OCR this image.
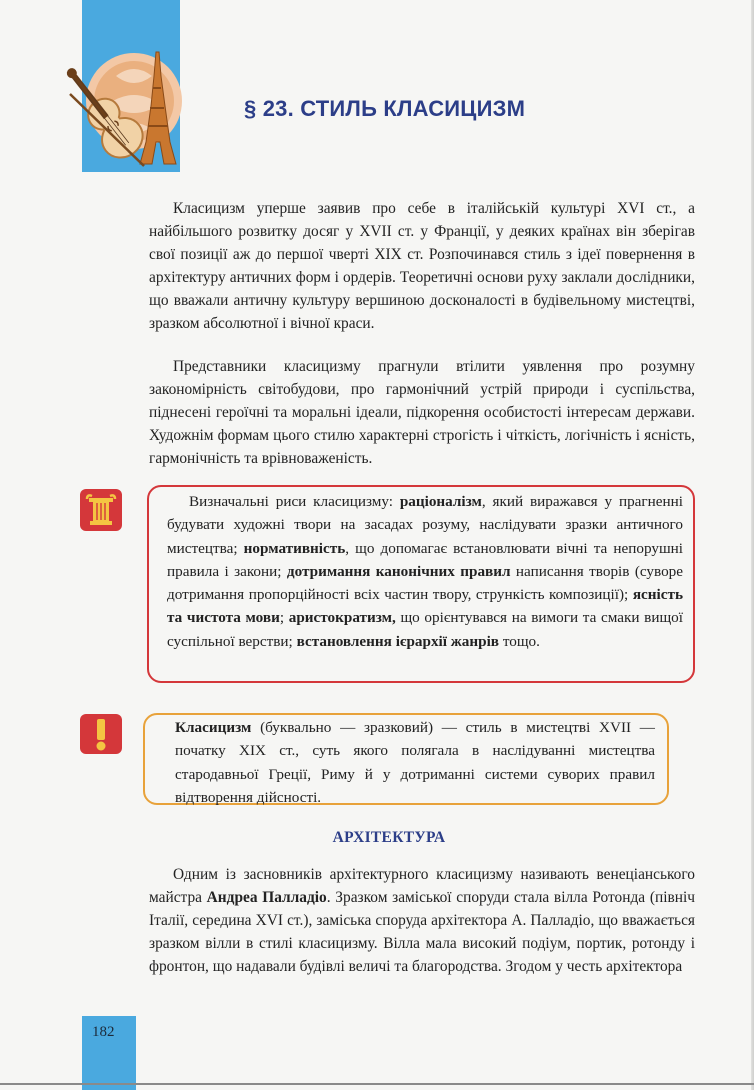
§ 23. СТИЛЬ КЛАСИЦИЗМ

Класицизм уперше заявив про себе в італійській культурі XVI ст., а найбільшого розвитку досяг у XVII ст. у Франції, у деяких країнах він зберігав свої позиції аж до першої чверті XIX ст. Розпочинався стиль з ідеї повернення в архітектуру античних форм і ордерів. Теоретичні основи руху заклали дослідники, що вважали античну культуру вершиною досконалості в будівельному мистецтві, зразком абсолютної і вічної краси.

Представники класицизму прагнули втілити уявлення про розумну закономірність світобудови, про гармонічний устрій природи і суспільства, піднесені героїчні та моральні ідеали, підкорення особистості інтересам держави. Художнім формам цього стилю характерні строгість і чіткість, логічність і ясність, гармонічність та врівноваженість.

Визначальні риси класицизму: раціоналізм, який виражався у прагненні будувати художні твори на засадах розуму, наслідувати зразки античного мистецтва; нормативність, що допомагає встановлювати вічні та непорушні правила і закони; дотримання канонічних правил написання творів (суворе дотримання пропорційності всіх частин твору, стрункість композиції); ясність та чистота мови; аристократизм, що орієнтувався на вимоги та смаки вищої суспільної верстви; встановлення ієрархії жанрів тощо.

Класицизм (буквально — зразковий) — стиль в мистецтві XVII — початку XIX ст., суть якого полягала в наслідуванні мистецтва стародавньої Греції, Риму й у дотриманні системи суворих правил відтворення дійсності.

АРХІТЕКТУРА

Одним із засновників архітектурного класицизму називають венеціанського майстра Андреа Палладіо. Зразком заміської споруди стала вілла Ротонда (північ Італії, середина XVI ст.), заміська споруда архітектора А. Палладіо, що вважається зразком вілли в стилі класицизму. Вілла мала високий подіум, портик, ротонду і фронтон, що надавали будівлі величі та благородства. Згодом у честь архітектора

182
